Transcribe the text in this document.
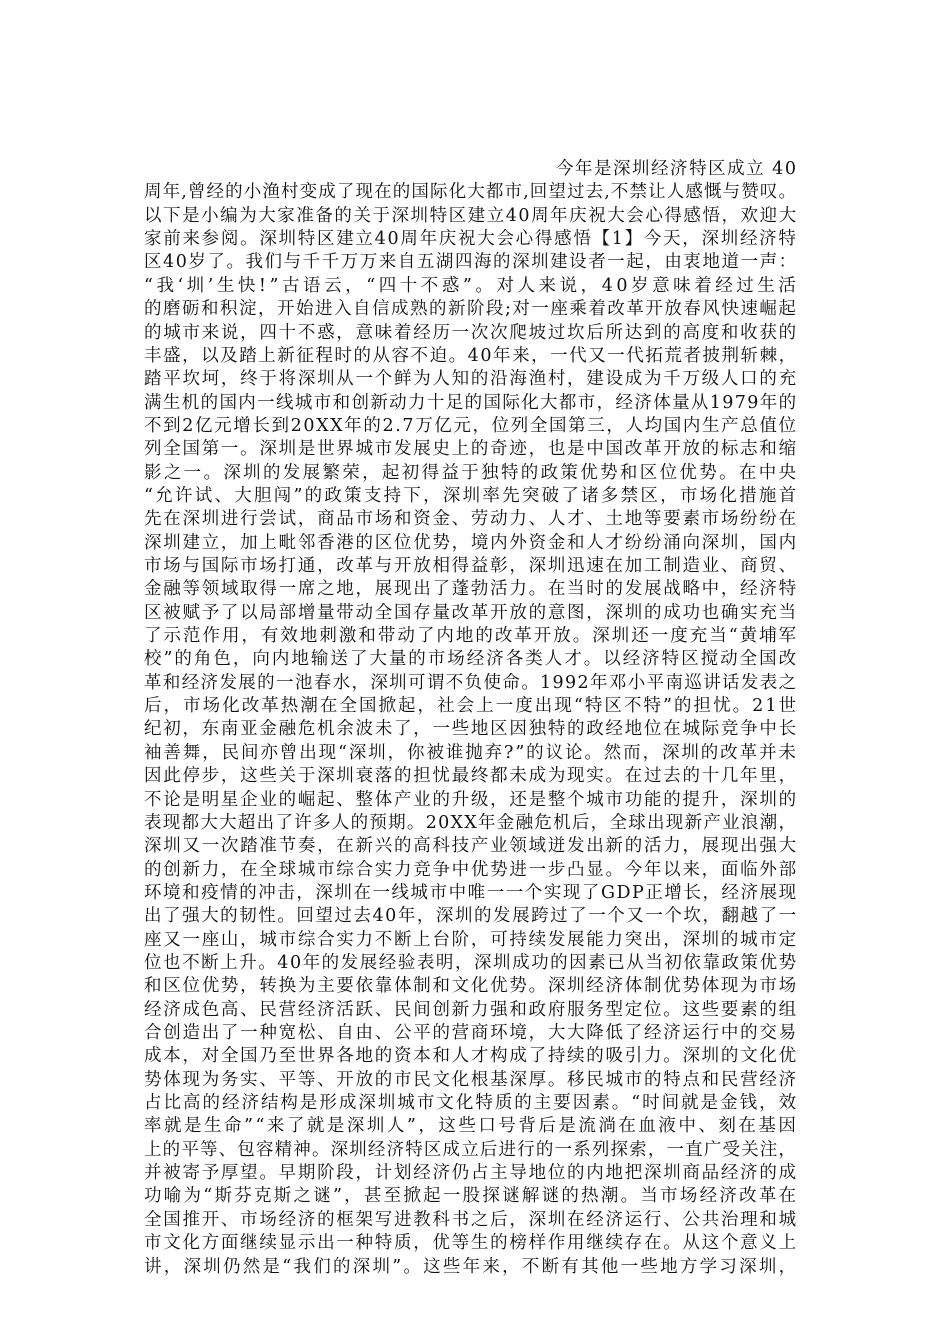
今年是深圳经济特区成立 40
周年,曾经的小渔村变成了现在的国际化大都市,回望过去,不禁让人感慨与赞叹。
以下是小编为大家准备的关于深圳特区建立40周年庆祝大会心得感悟，欢迎大
家前来参阅。深圳特区建立40周年庆祝大会心得感悟【1】今天，深圳经济特
区40岁了。我们与千千万万来自五湖四海的深圳建设者一起，由衷地道一声：
“我‘圳’生快!”古语云，“四十不惑”。对人来说，40岁意味着经过生活
的磨砺和积淀，开始进入自信成熟的新阶段;对一座乘着改革开放春风快速崛起
的城市来说，四十不惑，意味着经历一次次爬坡过坎后所达到的高度和收获的
丰盛，以及踏上新征程时的从容不迫。40年来，一代又一代拓荒者披荆斩棘，
踏平坎坷，终于将深圳从一个鲜为人知的沿海渔村，建设成为千万级人口的充
满生机的国内一线城市和创新动力十足的国际化大都市，经济体量从1979年的
不到2亿元增长到20XX年的2.7万亿元，位列全国第三，人均国内生产总值位
列全国第一。深圳是世界城市发展史上的奇迹，也是中国改革开放的标志和缩
影之一。深圳的发展繁荣，起初得益于独特的政策优势和区位优势。在中央
“允许试、大胆闯”的政策支持下，深圳率先突破了诸多禁区，市场化措施首
先在深圳进行尝试，商品市场和资金、劳动力、人才、土地等要素市场纷纷在
深圳建立，加上毗邻香港的区位优势，境内外资金和人才纷纷涌向深圳，国内
市场与国际市场打通，改革与开放相得益彰，深圳迅速在加工制造业、商贸、
金融等领域取得一席之地，展现出了蓬勃活力。在当时的发展战略中，经济特
区被赋予了以局部增量带动全国存量改革开放的意图，深圳的成功也确实充当
了示范作用，有效地刺激和带动了内地的改革开放。深圳还一度充当“黄埔军
校”的角色，向内地输送了大量的市场经济各类人才。以经济特区搅动全国改
革和经济发展的一池春水，深圳可谓不负使命。1992年邓小平南巡讲话发表之
后，市场化改革热潮在全国掀起，社会上一度出现“特区不特”的担忧。21世
纪初，东南亚金融危机余波未了，一些地区因独特的政经地位在城际竞争中长
袖善舞，民间亦曾出现“深圳，你被谁抛弃?”的议论。然而，深圳的改革并未
因此停步，这些关于深圳衰落的担忧最终都未成为现实。在过去的十几年里，
不论是明星企业的崛起、整体产业的升级，还是整个城市功能的提升，深圳的
表现都大大超出了许多人的预期。20XX年金融危机后，全球出现新产业浪潮，
深圳又一次踏准节奏，在新兴的高科技产业领域迸发出新的活力，展现出强大
的创新力，在全球城市综合实力竞争中优势进一步凸显。今年以来，面临外部
环境和疫情的冲击，深圳在一线城市中唯一一个实现了GDP正增长，经济展现
出了强大的韧性。回望过去40年，深圳的发展跨过了一个又一个坎，翻越了一
座又一座山，城市综合实力不断上台阶，可持续发展能力突出，深圳的城市定
位也不断上升。40年的发展经验表明，深圳成功的因素已从当初依靠政策优势
和区位优势，转换为主要依靠体制和文化优势。深圳经济体制优势体现为市场
经济成色高、民营经济活跃、民间创新力强和政府服务型定位。这些要素的组
合创造出了一种宽松、自由、公平的营商环境，大大降低了经济运行中的交易
成本，对全国乃至世界各地的资本和人才构成了持续的吸引力。深圳的文化优
势体现为务实、平等、开放的市民文化根基深厚。移民城市的特点和民营经济
占比高的经济结构是形成深圳城市文化特质的主要因素。“时间就是金钱，效
率就是生命”“来了就是深圳人”，这些口号背后是流淌在血液中、刻在基因
上的平等、包容精神。深圳经济特区成立后进行的一系列探索，一直广受关注，
并被寄予厚望。早期阶段，计划经济仍占主导地位的内地把深圳商品经济的成
功喻为“斯芬克斯之谜”，甚至掀起一股探谜解谜的热潮。当市场经济改革在
全国推开、市场经济的框架写进教科书之后，深圳在经济运行、公共治理和城
市文化方面继续显示出一种特质，优等生的榜样作用继续存在。从这个意义上
讲，深圳仍然是“我们的深圳”。这些年来，不断有其他一些地方学习深圳，
